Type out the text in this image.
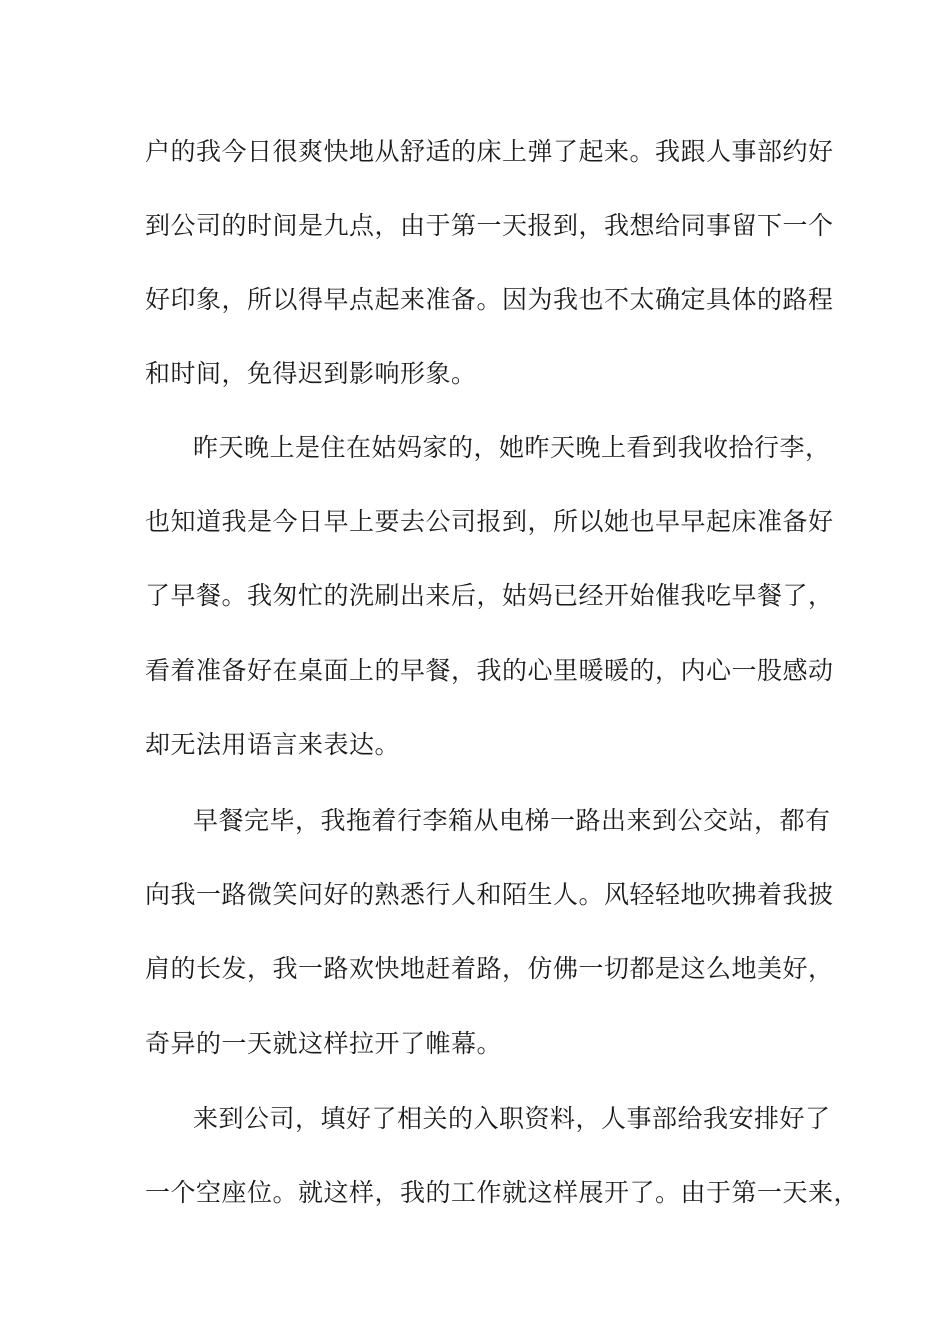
户的我今日很爽快地从舒适的床上弹了起来。我跟人事部约好
到公司的时间是九点，由于第一天报到，我想给同事留下一个
好印象，所以得早点起来准备。因为我也不太确定具体的路程
和时间，免得迟到影响形象。
昨天晚上是住在姑妈家的，她昨天晚上看到我收拾行李，
也知道我是今日早上要去公司报到，所以她也早早起床准备好
了早餐。我匆忙的洗刷出来后，姑妈已经开始催我吃早餐了，
看着准备好在桌面上的早餐，我的心里暖暖的，内心一股感动
却无法用语言来表达。
早餐完毕，我拖着行李箱从电梯一路出来到公交站，都有
向我一路微笑问好的熟悉行人和陌生人。风轻轻地吹拂着我披
肩的长发，我一路欢快地赶着路，仿佛一切都是这么地美好，
奇异的一天就这样拉开了帷幕。
来到公司，填好了相关的入职资料，人事部给我安排好了
一个空座位。就这样，我的工作就这样展开了。由于第一天来，
